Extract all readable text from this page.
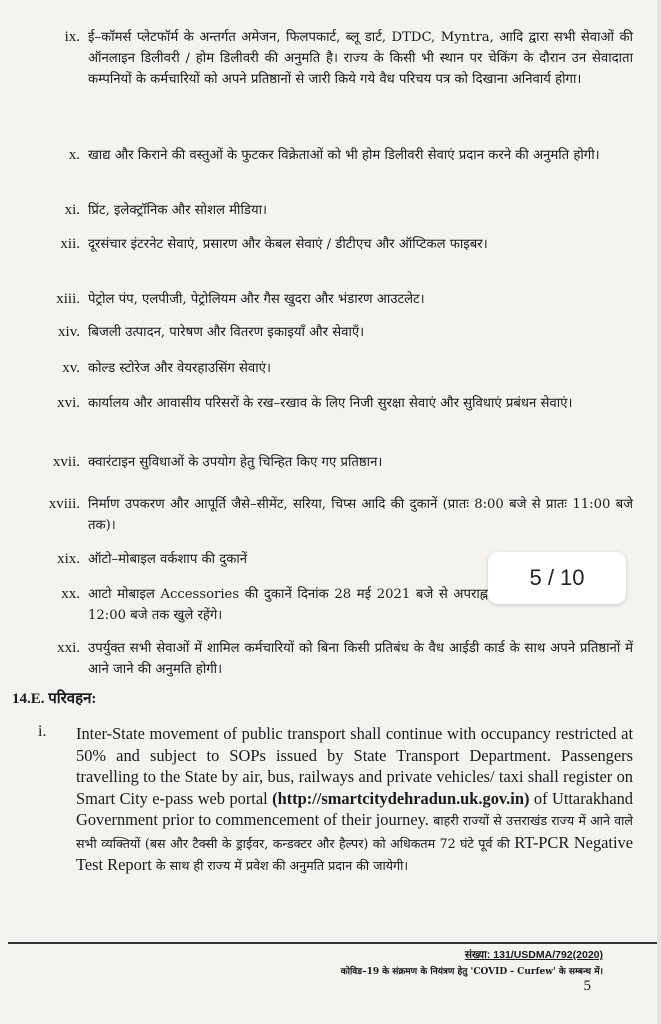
ix. ई–कॉमर्स प्लेटफॉर्म के अन्तर्गत अमेजन, फिलपकार्ट, ब्लू डार्ट, DTDC, Myntra, आदि द्वारा सभी सेवाओं की ऑनलाइन डिलीवरी / होम डिलीवरी की अनुमति है। राज्य के किसी भी स्थान पर चेकिंग के दौरान उन सेवादाता कम्पनियों के कर्मचारियों को अपने प्रतिष्ठानों से जारी किये गये वैध परिचय पत्र को दिखाना अनिवार्य होगा।
x. खाद्य और किराने की वस्तुओं के फुटकर विक्रेताओं को भी होम डिलीवरी सेवाएं प्रदान करने की अनुमति होगी।
xi. प्रिंट, इलेक्ट्रॉनिक और सोशल मीडिया।
xii. दूरसंचार इंटरनेट सेवाएं, प्रसारण और केबल सेवाएं / डीटीएच और ऑप्टिकल फाइबर।
xiii. पेट्रोल पंप, एलपीजी, पेट्रोलियम और गैस खुदरा और भंडारण आउटलेट।
xiv. बिजली उत्पादन, पारेषण और वितरण इकाइयाँ और सेवाएँ।
xv. कोल्ड स्टोरेज और वेयरहाउसिंग सेवाएं।
xvi. कार्यालय और आवासीय परिसरों के रख–रखाव के लिए निजी सुरक्षा सेवाएं और सुविधाएं प्रबंधन सेवाएं।
xvii. क्वारंटाइन सुविधाओं के उपयोग हेतु चिन्हित किए गए प्रतिष्ठान।
xviii. निर्माण उपकरण और आपूर्ति जैसे–सीमेंट, सरिया, चिप्स आदि की दुकानें (प्रातः 8:00 बजे से प्रातः 11:00 बजे तक)।
xix. ऑटो–मोबाइल वर्कशाप की दुकानें
xx. आटो मोबाइल Accessories की दुकानें दिनांक 28 मई 2021 बजे से अपराह्न 12:00 बजे तक खुले रहेंगे।
xxi. उपर्युक्त सभी सेवाओं में शामिल कर्मचारियों को बिना किसी प्रतिबंध के वैध आईडी कार्ड के साथ अपने प्रतिष्ठानों में आने जाने की अनुमति होगी।
5 / 10
14.E. परिवहन:
i. Inter-State movement of public transport shall continue with occupancy restricted at 50% and subject to SOPs issued by State Transport Department. Passengers travelling to the State by air, bus, railways and private vehicles/ taxi shall register on Smart City e-pass web portal (http://smartcitydehradun.uk.gov.in) of Uttarakhand Government prior to commencement of their journey. बाहरी राज्यों से उत्तराखंड राज्य में आने वाले सभी व्यक्तियों (बस और टैक्सी के ड्राईवर, कन्डक्टर और हैल्पर) को अधिकतम 72 घंटे पूर्व की RT-PCR Negative Test Report के साथ ही राज्य में प्रवेश की अनुमति प्रदान की जायेगी।
संख्या: 131/USDMA/792(2020)
कोविड–19 के संक्रमण के नियंत्रण हेतु 'COVID - Curfew' के सम्बन्ध में।
5
